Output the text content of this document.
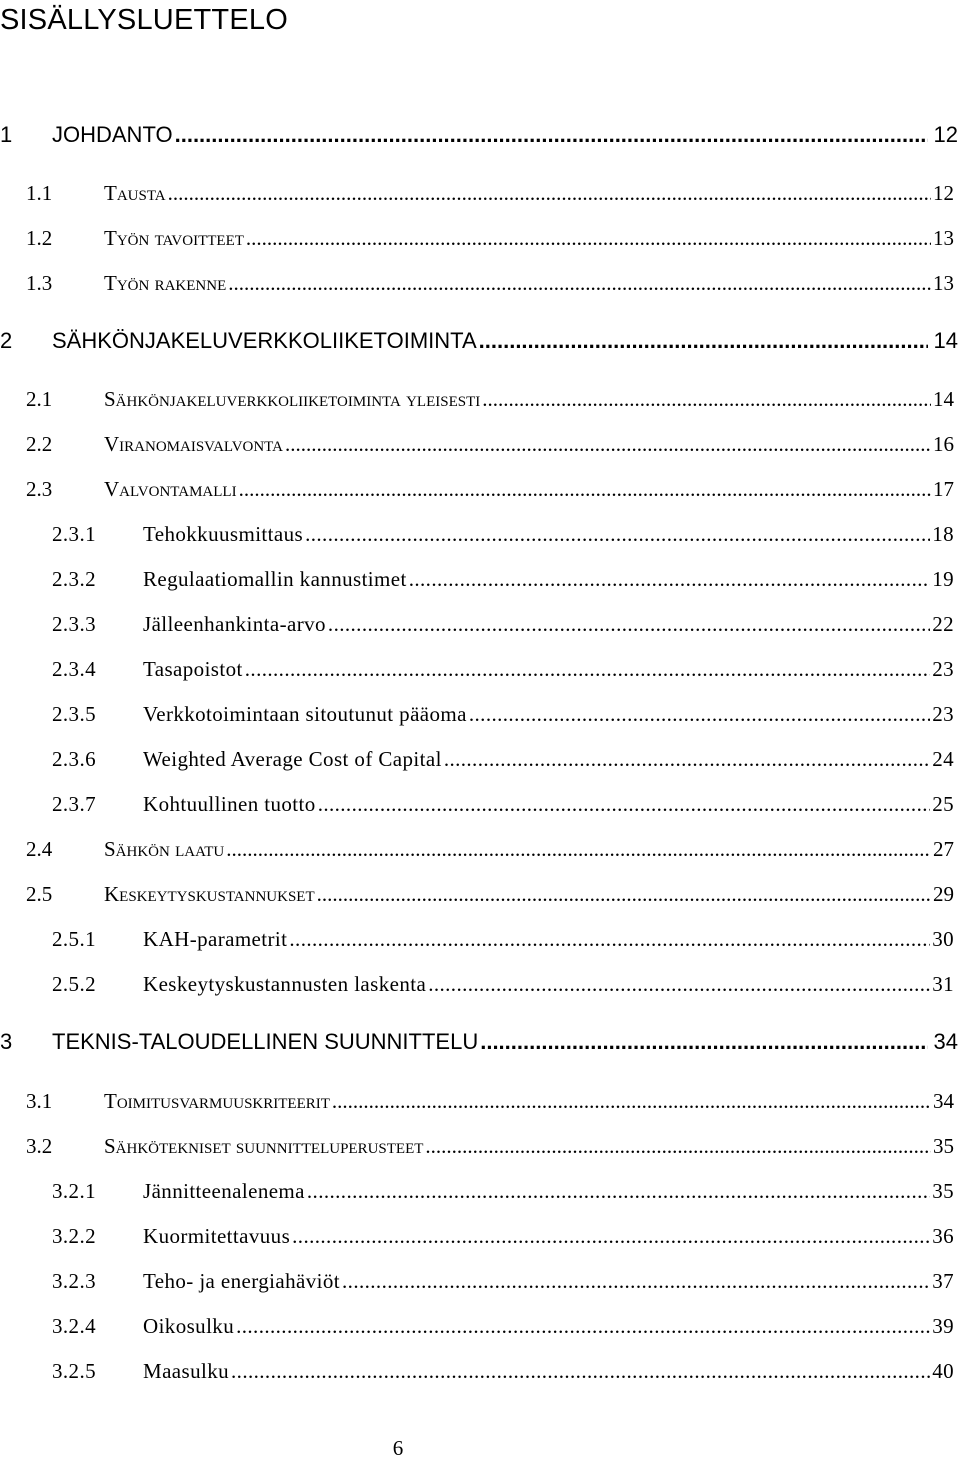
SISÄLLYSLUETTELO
1	JOHDANTO .....	12
1.1	Tausta .....	12
1.2	Työn tavoitteet .....	13
1.3	Työn rakenne .....	13
2	SÄHKÖNJAKELUVERKKOLIIKETOIMINTA .....	14
2.1	Sähkönjakeluverkkoliiketoiminta yleisesti .....	14
2.2	Viranomaisvalvonta .....	16
2.3	Valvontamalli .....	17
2.3.1	Tehokkuusmittaus .....	18
2.3.2	Regulaatiomallin kannustimet .....	19
2.3.3	Jälleenhankinta-arvo .....	22
2.3.4	Tasapoistot .....	23
2.3.5	Verkkotoimintaan sitoutunut pääoma .....	23
2.3.6	Weighted Average Cost of Capital .....	24
2.3.7	Kohtuullinen tuotto .....	25
2.4	Sähkön laatu .....	27
2.5	Keskeytyskustannukset .....	29
2.5.1	KAH-parametrit .....	30
2.5.2	Keskeytyskustannusten laskenta .....	31
3	TEKNIS-TALOUDELLINEN SUUNNITTELU .....	34
3.1	Toimitusvarmuuskriteerit .....	34
3.2	Sähkötekniset suunnitteluperusteet .....	35
3.2.1	Jännitteenalenema .....	35
3.2.2	Kuormitettavuus .....	36
3.2.3	Teho- ja energiahäviöt .....	37
3.2.4	Oikosulku .....	39
3.2.5	Maasulku .....	40
6
